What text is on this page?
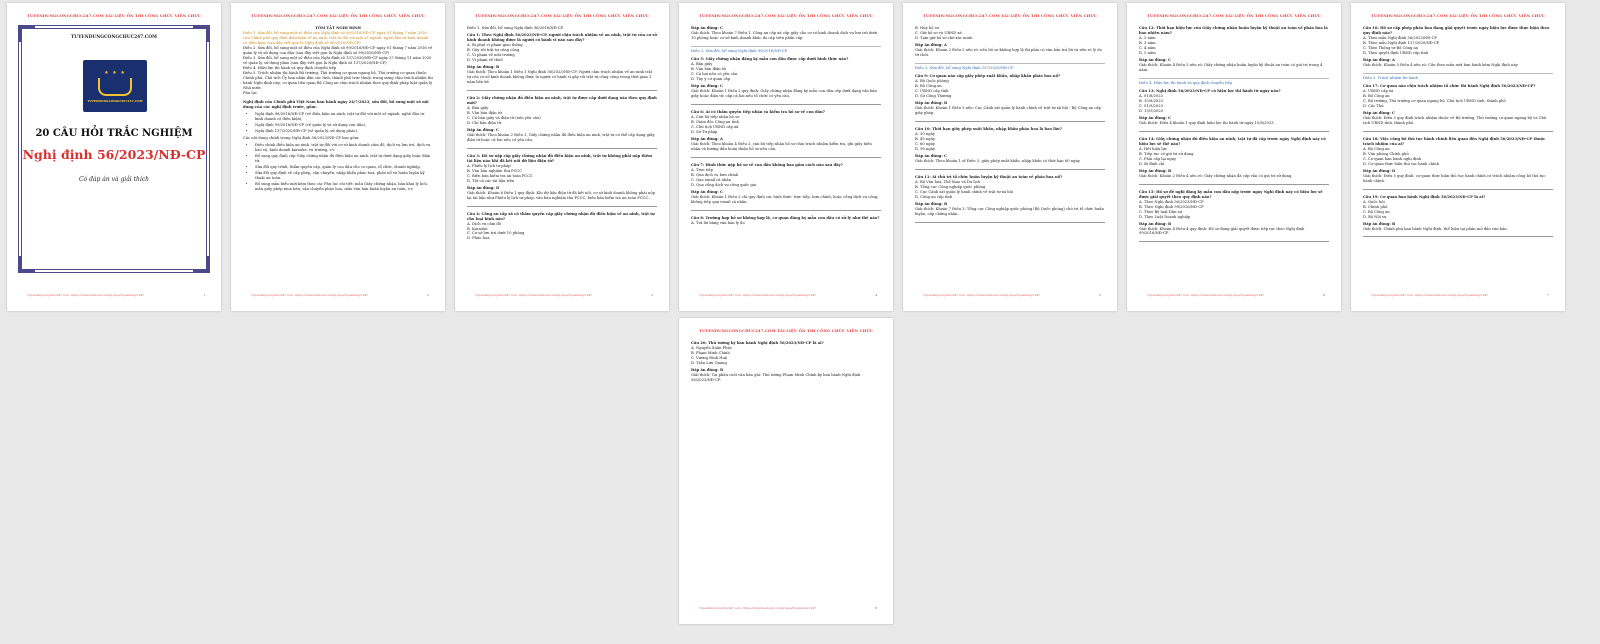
TUYENDUNGCONGCHUC247.COM TÀI LIỆU ÔN THI CÔNG CHỨC VIÊN CHỨC
TUYENDUNGCONGCHUC247.COM
★ ★ ★
TUYENDUNGCONGCHUC247.COM
20 CÂU HỎI TRẮC NGHIỆM
Nghị định 56/2023/NĐ-CP
Có đáp án và giải thích
Tuyendungcongchuc247.com - https://www.facebook.com/groups/tuyendungcc247	1
TUYENDUNGCONGCHUC247.COM TÀI LIỆU ÔN THI CÔNG CHỨC VIÊN CHỨC
TÓM TẮT NGHỊ ĐỊNH
Điều 1. Sửa đổi, bổ sung một số điều của Nghị định số 96/2016/NĐ-CP ngày 01 tháng 7 năm 2016 của Chính phủ quy định điều kiện về an ninh, trật tự đối với một số ngành, nghề đầu tư kinh doanh có điều kiện (sau đây viết gọn là Nghị định số 96/2016/NĐ-CP)
Điều 2. Sửa đổi, bổ sung một số điều của Nghị định số 99/2016/NĐ-CP ngày 01 tháng 7 năm 2016 về quản lý và sử dụng con dấu (sau đây viết gọn là Nghị định số 99/2016/NĐ-CP)
Điều 3. Sửa đổi, bổ sung một số điều của Nghị định số 137/2020/NĐ-CP ngày 27 tháng 11 năm 2020 về quản lý, sử dụng pháo (sau đây viết gọn là Nghị định số 137/2020/NĐ-CP)
Điều 4. Hiệu lực thi hành và quy định chuyển tiếp
Điều 5. Trách nhiệm thi hành Bộ trưởng, Thủ trưởng cơ quan ngang bộ, Thủ trưởng cơ quan thuộc Chính phủ, Chủ tịch Ủy ban nhân dân các tỉnh, thành phố trực thuộc trung ương chịu trách nhiệm thi hành Nghị định này; cơ quan liên quan Bộ Công an chịu trách nhiệm theo quy định pháp luật quản lý Nhà nước.
Phụ lục
Nghị định của Chính phủ Việt Nam ban hành ngày 24/7/2023, sửa đổi, bổ sung một số nội dung của các nghị định trước, gồm:
• Nghị định 96/2016/NĐ-CP (về điều kiện an ninh, trật tự đối với một số ngành, nghề đầu tư kinh doanh có điều kiện),
• Nghị định 99/2016/NĐ-CP (về quản lý và sử dụng con dấu),
• Nghị định 137/2020/NĐ-CP (về quản lý, sử dụng pháo).
Các nội dung chính trong Nghị định 56/2023/NĐ-CP bao gồm:
• Điều chỉnh điều kiện an ninh, trật tự đối với cơ sở kinh doanh cầm đồ, dịch vụ lưu trú, dịch vụ bảo vệ, kinh doanh karaoke, vũ trường, v.v.
• Bổ sung quy định cấp Giấy chứng nhận đủ điều kiện an ninh, trật tự dưới dạng giấy hoặc điện tử.
• Sửa đổi quy trình, thẩm quyền cấp, quản lý con dấu cho cơ quan, tổ chức, doanh nghiệp.
• Sửa đổi quy định về cấp phép, vận chuyển, nhập khẩu pháo hoa, pháo nổ và huấn luyện kỹ thuật an toàn.
• Bổ sung mẫu biểu mới kèm theo các Phụ lục chi tiết: mẫu Giấy chứng nhận, bản khai lý lịch, mẫu giấy phép mua bán, vận chuyển pháo hoa, mẫu văn bản huấn luyện an toàn, v.v.
Tuyendungcongchuc247.com - https://www.facebook.com/groups/tuyendungcc247	2
TUYENDUNGCONGCHUC247.COM TÀI LIỆU ÔN THI CÔNG CHỨC VIÊN CHỨC
Điều 1. Sửa đổi, bổ sung Nghị định 96/2016/NĐ-CP
Câu 1: Theo Nghị định 56/2023/NĐ-CP, người chịu trách nhiệm về an ninh, trật tự của cơ sở kinh doanh không được là người có hành vi nào sau đây?
A. Bị phạt vi phạm giao thông
B. Gây rối trật tự công cộng
C. Vi phạm về môi trường
D. Vi phạm về thuế
Đáp án đúng: B
Giải thích: Theo khoản 1 Điều 1 Nghị định 56/2023/NĐ-CP: Người chịu trách nhiệm về an ninh trật tự của cơ sở kinh doanh không được là người có hành vi gây rối trật tự công cộng trong thời gian 1 năm liền kề.
Câu 2: Giấy chứng nhận đủ điều kiện an ninh, trật tự được cấp dưới dạng nào theo quy định mới?
A. Bản giấy
B. Văn bản điện tử
C. Cả bản giấy và điện tử (nếu yêu cầu)
D. Chỉ bản điện tử
Đáp án đúng: C
Giải thích: Theo khoản 2 Điều 1, Giấy chứng nhận đủ điều kiện an ninh, trật tự có thể cấp dạng giấy, điện tử hoặc cả hai nếu có yêu cầu.
Câu 3: Hồ sơ nộp cấp giấy chứng nhận đủ điều kiện an ninh, trật tự không phải nộp thêm tài liệu nào khi đã kết nối dữ liệu điện tử?
A. Phiếu lý lịch tư pháp
B. Văn bản nghiệm thu PCCC
C. Biên bản kiểm tra an toàn PCCC
D. Tất cả các tài liệu trên
Đáp án đúng: D
Giải thích: Khoản 6 Điều 1 quy định: Khi dữ liệu điện tử đã kết nối, cơ sở kinh doanh không phải nộp lại tài liệu như Phiếu lý lịch tư pháp, văn bản nghiệm thu PCCC, biên bản kiểm tra an toàn PCCC...
Câu 4: Công an cấp xã có thẩm quyền cấp giấy chứng nhận đủ điều kiện về an ninh, trật tự cho loại hình nào?
A. Dịch vụ cầm đồ
B. Karaoke
C. Cơ sở lưu trú dưới 10 phòng
D. Pháo hoa
Tuyendungcongchuc247.com - https://www.facebook.com/groups/tuyendungcc247	3
TUYENDUNGCONGCHUC247.COM TÀI LIỆU ÔN THI CÔNG CHỨC VIÊN CHỨC
Đáp án đúng: C
Giải thích: Theo khoản 7 Điều 1, Công an cấp xã cấp giấy cho cơ sở kinh doanh dịch vụ lưu trú dưới 10 phòng hoặc cơ sở kinh doanh khác do cấp trên phân cấp.
Điều 2. Sửa đổi, bổ sung Nghị định 99/2016/NĐ-CP
Câu 5: Giấy chứng nhận đăng ký mẫu con dấu được cấp dưới hình thức nào?
A. Bản giấy
B. Văn bản điện tử
C. Cả hai nếu có yêu cầu
D. Tùy ý cơ quan cấp
Đáp án đúng: C
Giải thích: Khoản 1 Điều 2 quy định: Giấy chứng nhận đăng ký mẫu con dấu cấp dưới dạng văn bản giấy hoặc điện tử, cấp cả hai nếu tổ chức có yêu cầu.
Câu 6: Ai có thẩm quyền tiếp nhận và kiểm tra hồ sơ về con dấu?
A. Cán bộ tiếp nhận hồ sơ
B. Giám đốc Công an tỉnh
C. Chủ tịch UBND cấp xã
D. Sở Tư pháp
Đáp án đúng: A
Giải thích: Theo khoản 4 Điều 2, cán bộ tiếp nhận hồ sơ chịu trách nhiệm kiểm tra, ghi giấy biên nhận và hướng dẫn hoàn thiện hồ sơ nếu cần.
Câu 7: Hình thức nộp hồ sơ về con dấu không bao gồm cách nào sau đây?
A. Trực tiếp
B. Qua dịch vụ bưu chính
C. Qua email cá nhân
D. Qua cổng dịch vụ công quốc gia
Đáp án đúng: C
Giải thích: Khoản 1 Điều 2 chỉ quy định các hình thức: trực tiếp, bưu chính, hoặc cổng dịch vụ công; không tiếp qua email cá nhân.
Câu 8: Trường hợp hồ sơ không hợp lệ, cơ quan đăng ký mẫu con dấu có xử lý như thế nào?
A. Trả lời bằng văn bản lý do
Tuyendungcongchuc247.com - https://www.facebook.com/groups/tuyendungcc247	4
TUYENDUNGCONGCHUC247.COM TÀI LIỆU ÔN THI CÔNG CHỨC VIÊN CHỨC
B. Hủy hồ sơ
C. Giữ hồ sơ và UBND xã
D. Tạm giữ hồ sơ chờ xác minh
Đáp án đúng: A
Giải thích: Khoản 2 Điều 2 nêu rõ: nếu hồ sơ không hợp lệ thì phải có văn bản trả lời và nêu rõ lý do từ chối.
Điều 3. Sửa đổi, bổ sung Nghị định 137/2020/NĐ-CP
Câu 9: Cơ quan nào cấp giấy phép xuất khẩu, nhập khẩu pháo hoa nổ?
A. Bộ Quốc phòng
B. Bộ Công an
C. UBND cấp tỉnh
D. Sở Công Thương
Đáp án đúng: B
Giải thích: Khoản 1 Điều 3 nêu: Cục Cảnh sát quản lý hành chính về trật tự xã hội - Bộ Công an cấp giấy phép.
Câu 10: Thời hạn giấy phép xuất khẩu, nhập khẩu pháo hoa là bao lâu?
A. 30 ngày
B. 45 ngày
C. 60 ngày
D. 90 ngày
Đáp án đúng: C
Giải thích: Theo khoản 1 of Điều 3, giấy phép xuất khẩu, nhập khẩu có thời hạn 60 ngày.
Câu 11: Ai chủ trì tổ chức huấn luyện kỹ thuật an toàn về pháo hoa nổ?
A. Bộ Văn hóa, Thể thao và Du lịch
B. Tổng cục Công nghiệp quốc phòng
C. Cục Cảnh sát quản lý hành chính về trật tự xã hội
D. Công an cấp tỉnh
Đáp án đúng: B
Giải thích: Khoản 7 Điều 3: Tổng cục Công nghiệp quốc phòng (Bộ Quốc phòng) chủ trì tổ chức huấn luyện, cấp chứng nhận.
Tuyendungcongchuc247.com - https://www.facebook.com/groups/tuyendungcc247	5
TUYENDUNGCONGCHUC247.COM TÀI LIỆU ÔN THI CÔNG CHỨC VIÊN CHỨC
Câu 12: Thời hạn hiệu lực của Giấy chứng nhận huấn luyện kỹ thuật an toàn về pháo hoa là bao nhiêu năm?
A. 2 năm
B. 3 năm
C. 4 năm
D. 5 năm
Đáp án đúng: C
Giải thích: Khoản 4 Điều 3 nêu rõ: Giấy chứng nhận huấn luyện kỹ thuật an toàn có giá trị trong 4 năm.
Điều 4. Hiệu lực thi hành và quy định chuyển tiếp
Câu 13: Nghị định 56/2023/NĐ-CP có hiệu lực thi hành từ ngày nào?
A. 01/8/2023
B. 15/8/2023
C. 01/9/2023
D. 15/9/2023
Đáp án đúng: C
Giải thích: Điều 4 khoản 1 quy định hiệu lực thi hành từ ngày 10/8/2023.
Câu 14: Giấy chứng nhận đủ điều kiện an ninh, trật tự đã cấp trước ngày Nghị định này có hiệu lực sẽ thế nào?
A. Hết hiệu lực
B. Tiếp tục có giá trị sử dụng
C. Phải cấp lại ngay
D. Bị đình chỉ
Đáp án đúng: B
Giải thích: Khoản 2 Điều 4 nêu rõ: Giấy chứng nhận đã cấp vẫn có giá trị sử dụng.
Câu 15: Hồ sơ đề nghị đăng ký mẫu con dấu nộp trước ngày Nghị định này có hiệu lực sẽ được giải quyết theo quy định nào?
A. Theo Nghị định 56/2023/NĐ-CP
B. Theo Nghị định 99/2016/NĐ-CP
C. Theo Bộ luật Dân sự
D. Theo Luật Doanh nghiệp
Đáp án đúng: B
Giải thích: Khoản 4 Điều 4 quy định: Hồ sơ đang giải quyết được tiếp tục theo Nghị định 99/2016/NĐ-CP.
Tuyendungcongchuc247.com - https://www.facebook.com/groups/tuyendungcc247	6
TUYENDUNGCONGCHUC247.COM TÀI LIỆU ÔN THI CÔNG CHỨC VIÊN CHỨC
Câu 16: Hồ sơ cấp phép pháo hoa đang giải quyết trước ngày hiệu lực được thực hiện theo quy định nào?
A. Theo mẫu Nghị định 56/2023/NĐ-CP
B. Theo mẫu Nghị định 137/2020/NĐ-CP
C. Theo Thông tư Bộ Công an
D. Theo quyết định UBND cấp tỉnh
Đáp án đúng: A
Giải thích: Khoản 5 Điều 4 nêu rõ: Cần theo mẫu mới ban hành kèm Nghị định này.
Điều 5. Trách nhiệm thi hành
Câu 17: Cơ quan nào chịu trách nhiệm tổ chức thi hành Nghị định 56/2023/NĐ-CP?
A. UBND cấp xã
B. Bộ Công an
C. Bộ trưởng, Thủ trưởng cơ quan ngang bộ, Chủ tịch UBND tỉnh, thành phố
D. Các Thủ
Đáp án đúng: C
Giải thích: Điều 5 quy định trách nhiệm thuộc về Bộ trưởng, Thủ trưởng cơ quan ngang bộ và Chủ tịch UBND tỉnh, thành phố.
Câu 18: Việc công bố thủ tục hành chính liên quan đến Nghị định 56/2023/NĐ-CP thuộc trách nhiệm của ai?
A. Bộ Công an
B. Văn phòng Chính phủ
C. Cơ quan ban hành nghị định
D. Cơ quan thực hiện thủ tục hành chính
Đáp án đúng: D
Giải thích: Điều 5 quy định: cơ quan thực hiện thủ tục hành chính có trách nhiệm công bố thủ tục hành chính.
Câu 19: Cơ quan ban hành Nghị định 56/2023/NĐ-CP là ai?
A. Quốc hội
B. Chính phủ
C. Bộ Công an
D. Bộ Nội vụ
Đáp án đúng: B
Giải thích: Chính phủ ban hành Nghị định, thể hiện tại phần mở đầu văn bản.
Tuyendungcongchuc247.com - https://www.facebook.com/groups/tuyendungcc247	7
TUYENDUNGCONGCHUC247.COM TÀI LIỆU ÔN THI CÔNG CHỨC VIÊN CHỨC
Câu 20: Thủ tướng ký ban hành Nghị định 56/2023/NĐ-CP là ai?
A. Nguyễn Xuân Phúc
B. Phạm Minh Chính
C. Vương Đình Huệ
D. Trần Lưu Quang
Đáp án đúng: B
Giải thích: Tại phần cuối văn bản ghi: Thủ tướng Phạm Minh Chính ký ban hành Nghị định 56/2023/NĐ-CP.
Tuyendungcongchuc247.com - https://www.facebook.com/groups/tuyendungcc247	8
